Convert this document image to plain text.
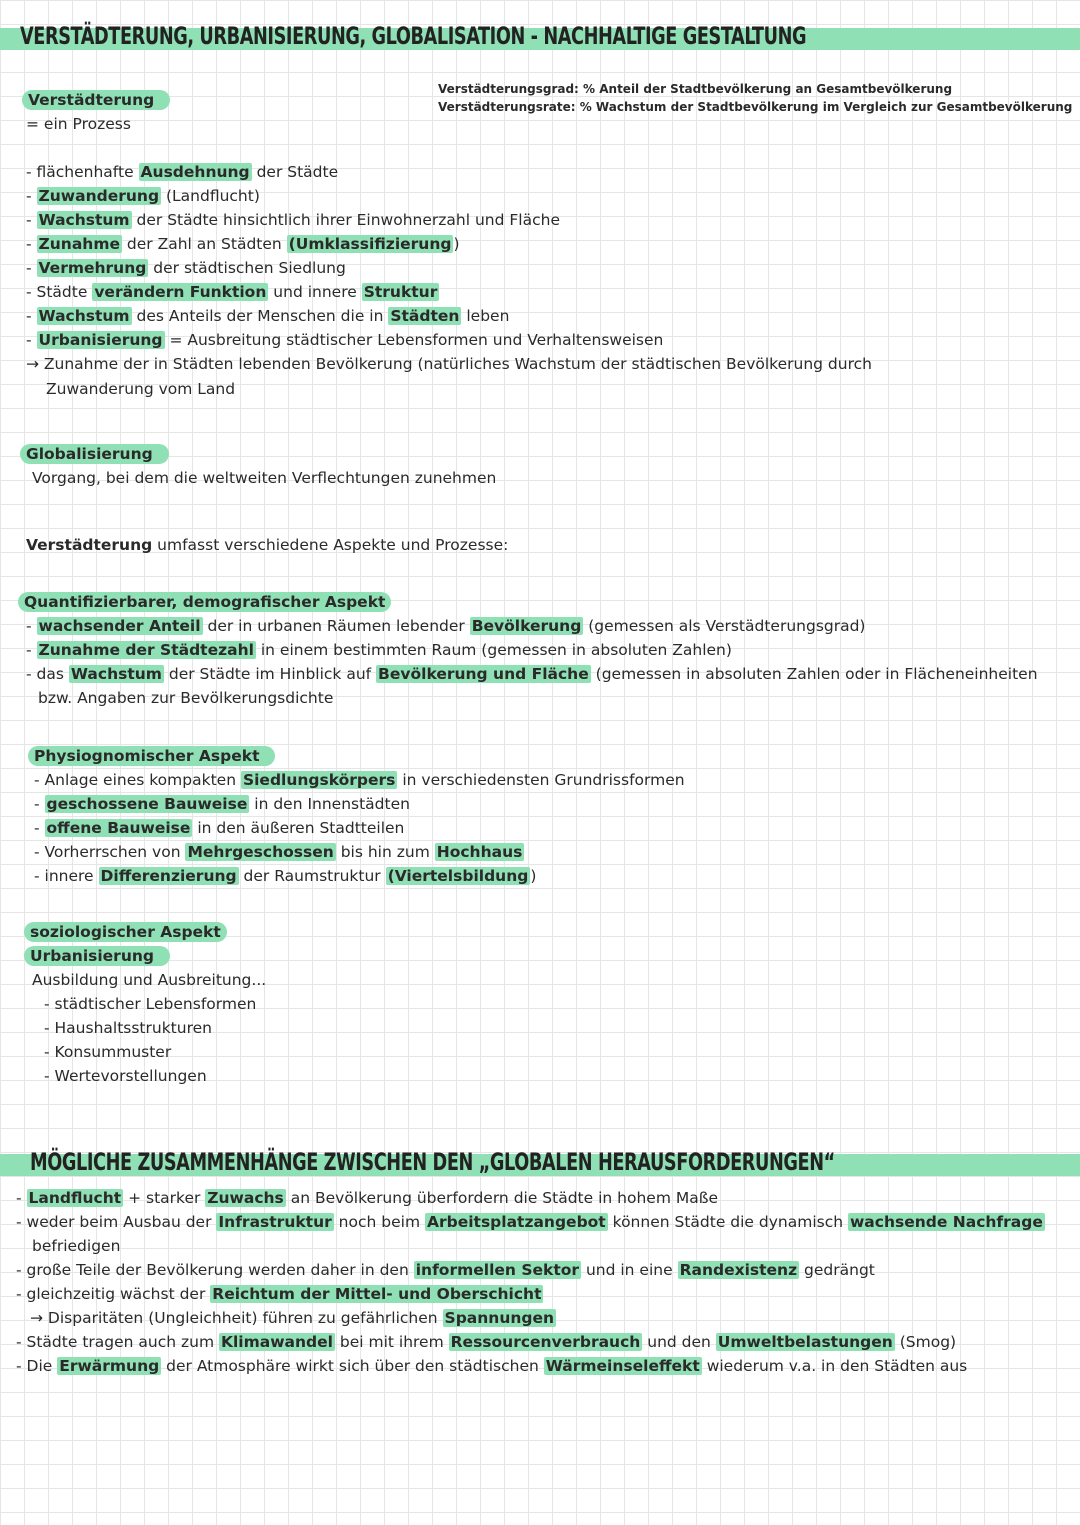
VERSTÄDTERUNG, URBANISIERUNG, GLOBALISATION - NACHHALTIGE GESTALTUNG
Verstädterungsgrad: % Anteil der Stadtbevölkerung an Gesamtbevölkerung
Verstädterungsrate: % Wachstum der Stadtbevölkerung im Vergleich zur Gesamtbevölkerung
Verstädterung
= ein Prozess
- flächenhafte Ausdehnung der Städte
- Zuwanderung (Landflucht)
- Wachstum der Städte hinsichtlich ihrer Einwohnerzahl und Fläche
- Zunahme der Zahl an Städten (Umklassifizierung )
- Vermehrung der städtischen Siedlung
- Städte verändern Funktion und innere Struktur
- Wachstum des Anteils der Menschen die in Städten leben
- Urbanisierung = Ausbreitung städtischer Lebensformen und Verhaltensweisen
→ Zunahme der in Städten lebenden Bevölkerung (natürliches Wachstum der städtischen Bevölkerung durch
Zuwanderung vom Land
Globalisierung
Vorgang, bei dem die weltweiten Verflechtungen zunehmen
Verstädterung umfasst verschiedene Aspekte und Prozesse:
Quantifizierbarer, demografischer Aspekt
- wachsender Anteil der in urbanen Räumen lebender Bevölkerung (gemessen als Verstädterungsgrad)
- Zunahme der Städtezahl in einem bestimmten Raum (gemessen in absoluten Zahlen)
- das Wachstum der Städte im Hinblick auf Bevölkerung und Fläche (gemessen in absoluten Zahlen oder in Flächeneinheiten
bzw. Angaben zur Bevölkerungsdichte
Physiognomischer Aspekt
- Anlage eines kompakten Siedlungskörpers in verschiedensten Grundrissformen
- geschossene Bauweise in den Innenstädten
- offene Bauweise in den äußeren Stadtteilen
- Vorherrschen von Mehrgeschossen bis hin zum Hochhaus
- innere Differenzierung der Raumstruktur (Viertelsbildung )
soziologischer Aspekt
Urbanisierung
Ausbildung und Ausbreitung...
- städtischer Lebensformen
- Haushaltsstrukturen
- Konsummuster
- Wertevorstellungen
MÖGLICHE ZUSAMMENHÄNGE ZWISCHEN DEN „GLOBALEN HERAUSFORDERUNGEN“
- Landflucht + starker Zuwachs an Bevölkerung überfordern die Städte in hohem Maße
- weder beim Ausbau der Infrastruktur noch beim Arbeitsplatzangebot können Städte die dynamisch wachsende Nachfrage
befriedigen
- große Teile der Bevölkerung werden daher in den informellen Sektor und in eine Randexistenz gedrängt
- gleichzeitig wächst der Reichtum der Mittel- und Oberschicht
→ Disparitäten (Ungleichheit) führen zu gefährlichen Spannungen
- Städte tragen auch zum Klimawandel bei mit ihrem Ressourcenverbrauch und den Umweltbelastungen (Smog)
- Die Erwärmung der Atmosphäre wirkt sich über den städtischen Wärmeinseleffekt wiederum v.a. in den Städten aus
